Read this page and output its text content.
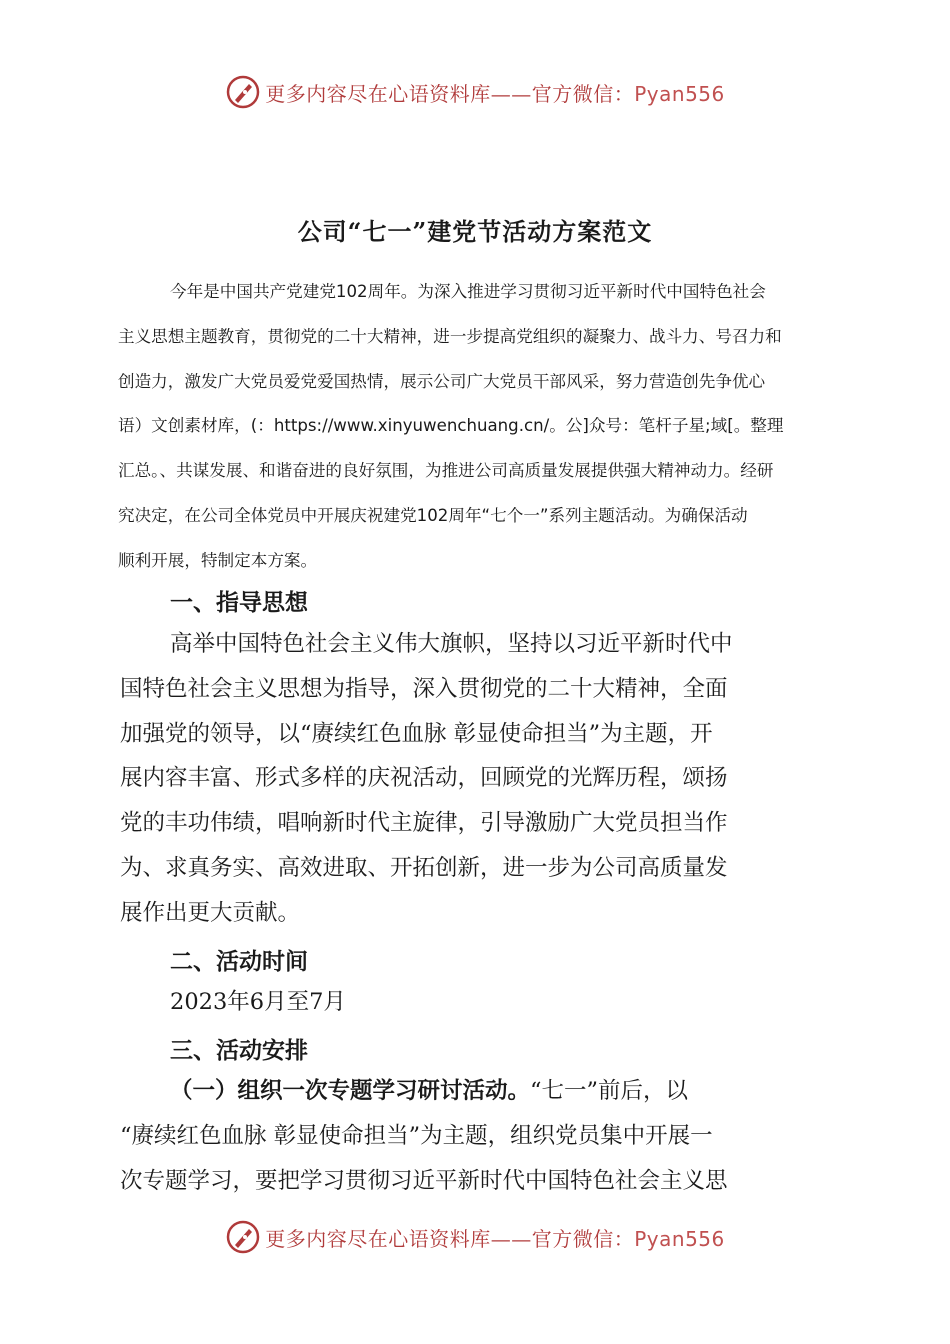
更多内容尽在心语资料库——官方微信：Pyan556
公司“七一”建党节活动方案范文
今年是中国共产党建党102周年。为深入推进学习贯彻习近平新时代中国特色社会
主义思想主题教育，贯彻党的二十大精神，进一步提高党组织的凝聚力、战斗力、号召力和
创造力，激发广大党员爱党爱国热情，展示公司广大党员干部风采，努力营造创先争优心
语）文创素材库，(：https://www.xinyuwenchuang.cn/。公]众号：笔杆子星;域[。整理
汇总。、共谋发展、和谐奋进的良好氛围，为推进公司高质量发展提供强大精神动力。经研
究决定，在公司全体党员中开展庆祝建党102周年“七个一”系列主题活动。为确保活动
顺利开展，特制定本方案。
一、指导思想
高举中国特色社会主义伟大旗帜，坚持以习近平新时代中
国特色社会主义思想为指导，深入贯彻党的二十大精神，全面
加强党的领导，以“赓续红色血脉 彰显使命担当”为主题，开
展内容丰富、形式多样的庆祝活动，回顾党的光辉历程，颂扬
党的丰功伟绩，唱响新时代主旋律，引导激励广大党员担当作
为、求真务实、高效进取、开拓创新，进一步为公司高质量发
展作出更大贡献。
二、活动时间
2023年6月至7月
三、活动安排
（一）组织一次专题学习研讨活动。“七一”前后，以
“赓续红色血脉 彰显使命担当”为主题，组织党员集中开展一
次专题学习，要把学习贯彻习近平新时代中国特色社会主义思
更多内容尽在心语资料库——官方微信：Pyan556
